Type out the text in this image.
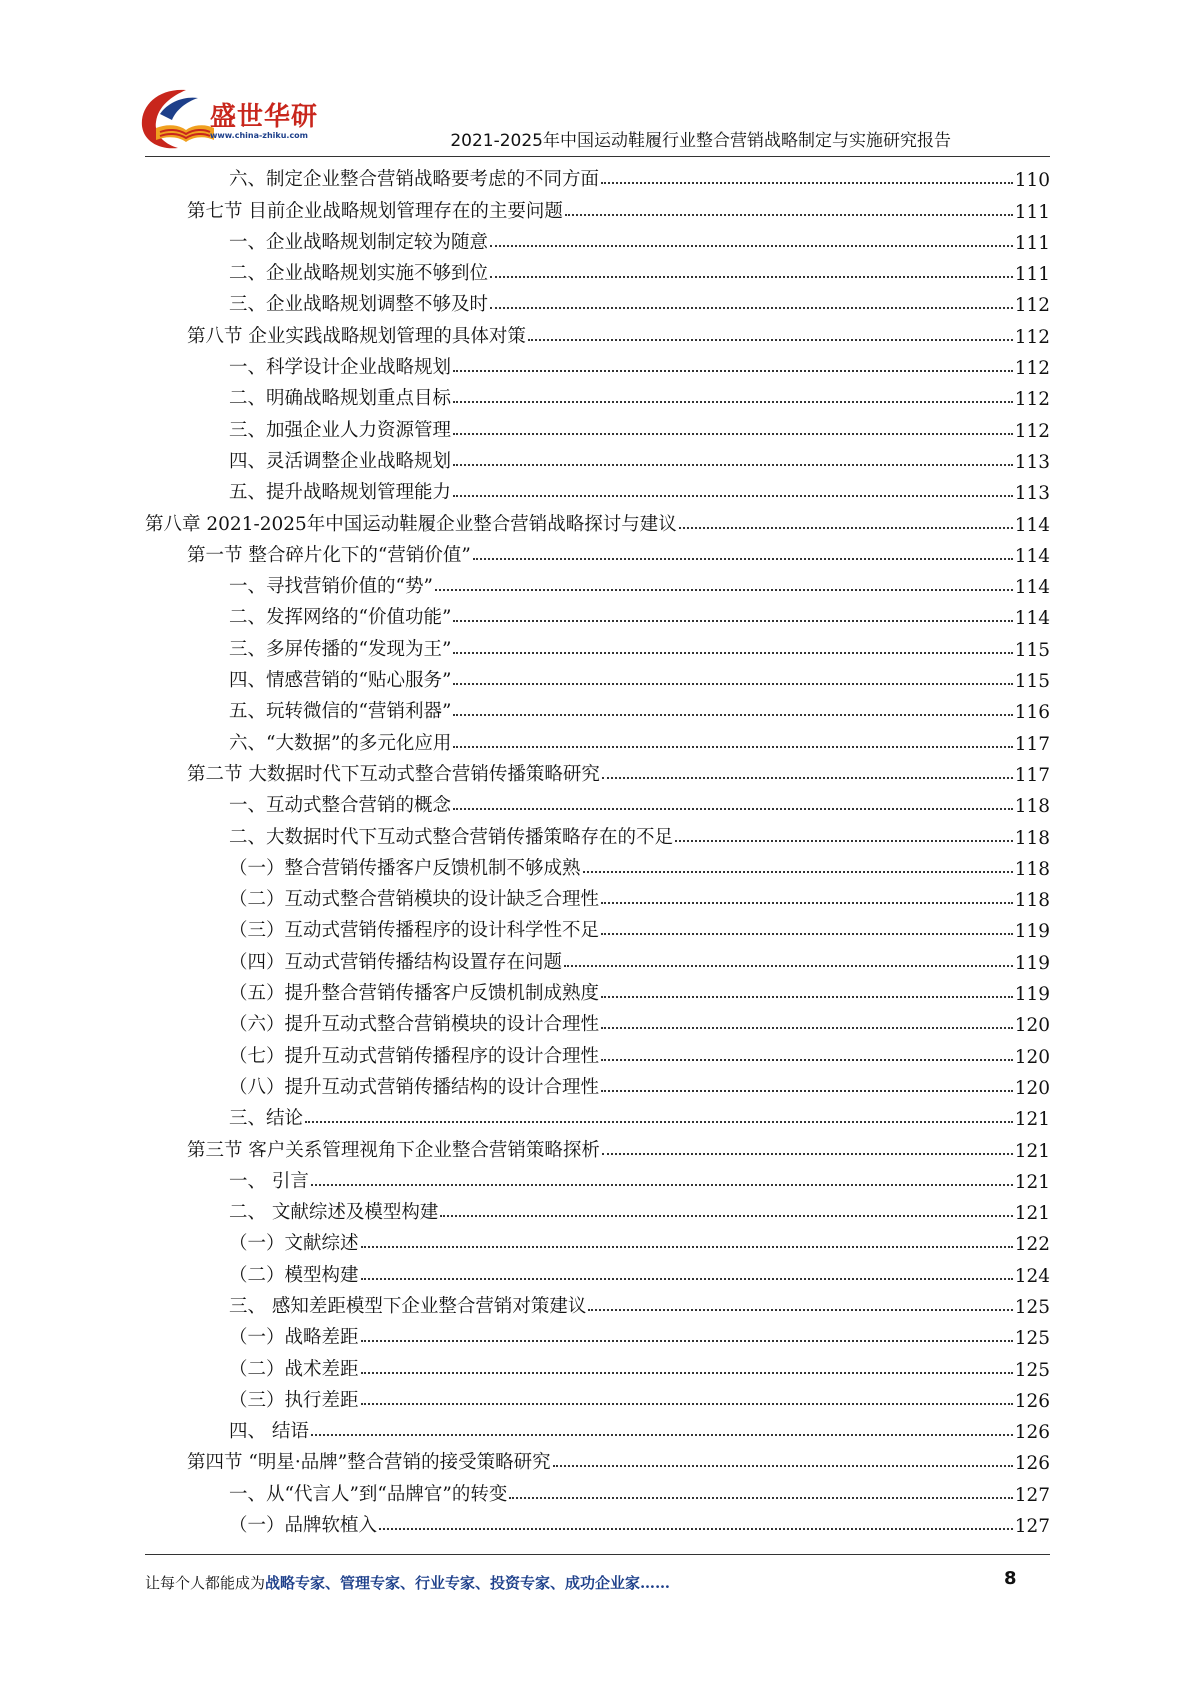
盛世华研
www.china-zhiku.com	2021-2025年中国运动鞋履行业整合营销战略制定与实施研究报告
六、制定企业整合营销战略要考虑的不同方面	110
第七节 目前企业战略规划管理存在的主要问题	111
一、企业战略规划制定较为随意	111
二、企业战略规划实施不够到位	111
三、企业战略规划调整不够及时	112
第八节 企业实践战略规划管理的具体对策	112
一、科学设计企业战略规划	112
二、明确战略规划重点目标	112
三、加强企业人力资源管理	112
四、灵活调整企业战略规划	113
五、提升战略规划管理能力	113
第八章 2021-2025年中国运动鞋履企业整合营销战略探讨与建议	114
第一节 整合碎片化下的“营销价值”	114
一、寻找营销价值的“势”	114
二、发挥网络的“价值功能”	114
三、多屏传播的“发现为王”	115
四、情感营销的“贴心服务”	115
五、玩转微信的“营销利器”	116
六、“大数据”的多元化应用	117
第二节 大数据时代下互动式整合营销传播策略研究	117
一、互动式整合营销的概念	118
二、大数据时代下互动式整合营销传播策略存在的不足	118
（一）整合营销传播客户反馈机制不够成熟	118
（二）互动式整合营销模块的设计缺乏合理性	118
（三）互动式营销传播程序的设计科学性不足	119
（四）互动式营销传播结构设置存在问题	119
（五）提升整合营销传播客户反馈机制成熟度	119
（六）提升互动式整合营销模块的设计合理性	120
（七）提升互动式营销传播程序的设计合理性	120
（八）提升互动式营销传播结构的设计合理性	120
三、结论	121
第三节 客户关系管理视角下企业整合营销策略探析	121
一、 引言	121
二、 文献综述及模型构建	121
（一）文献综述	122
（二）模型构建	124
三、 感知差距模型下企业整合营销对策建议	125
（一）战略差距	125
（二）战术差距	125
（三）执行差距	126
四、 结语	126
第四节 “明星·品牌”整合营销的接受策略研究	126
一、从“代言人”到“品牌官”的转变	127
（一）品牌软植入	127
让每个人都能成为战略专家、管理专家、行业专家、投资专家、成功企业家……	8
